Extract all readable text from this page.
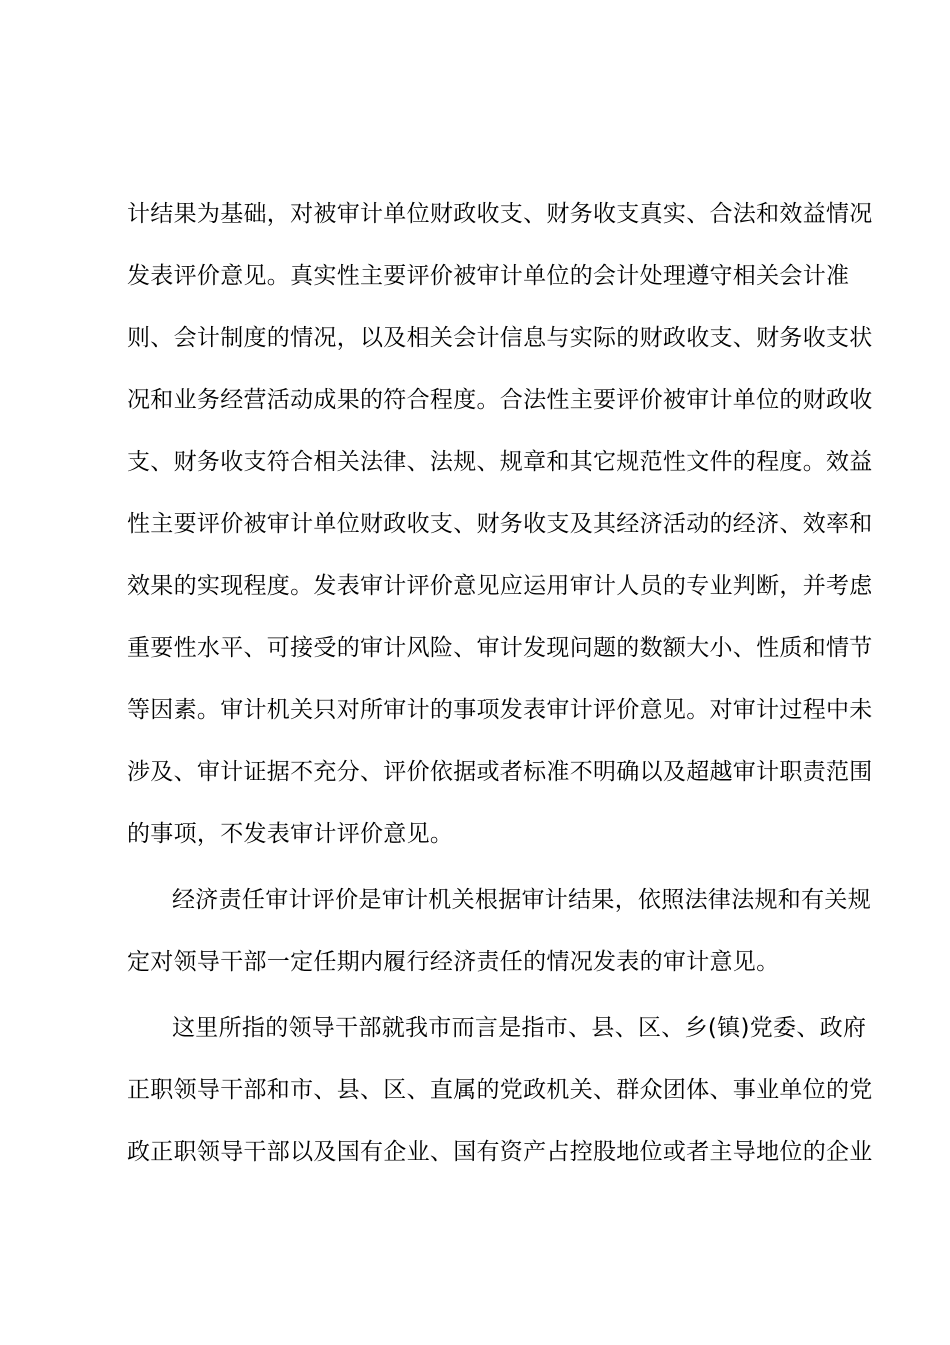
计结果为基础，对被审计单位财政收支、财务收支真实、合法和效益情况
发表评价意见。真实性主要评价被审计单位的会计处理遵守相关会计准
则、会计制度的情况，以及相关会计信息与实际的财政收支、财务收支状
况和业务经营活动成果的符合程度。合法性主要评价被审计单位的财政收
支、财务收支符合相关法律、法规、规章和其它规范性文件的程度。效益
性主要评价被审计单位财政收支、财务收支及其经济活动的经济、效率和
效果的实现程度。发表审计评价意见应运用审计人员的专业判断，并考虑
重要性水平、可接受的审计风险、审计发现问题的数额大小、性质和情节
等因素。审计机关只对所审计的事项发表审计评价意见。对审计过程中未
涉及、审计证据不充分、评价依据或者标准不明确以及超越审计职责范围
的事项，不发表审计评价意见。
经济责任审计评价是审计机关根据审计结果，依照法律法规和有关规
定对领导干部一定任期内履行经济责任的情况发表的审计意见。
这里所指的领导干部就我市而言是指市、县、区、乡(镇)党委、政府
正职领导干部和市、县、区、直属的党政机关、群众团体、事业单位的党
政正职领导干部以及国有企业、国有资产占控股地位或者主导地位的企业
